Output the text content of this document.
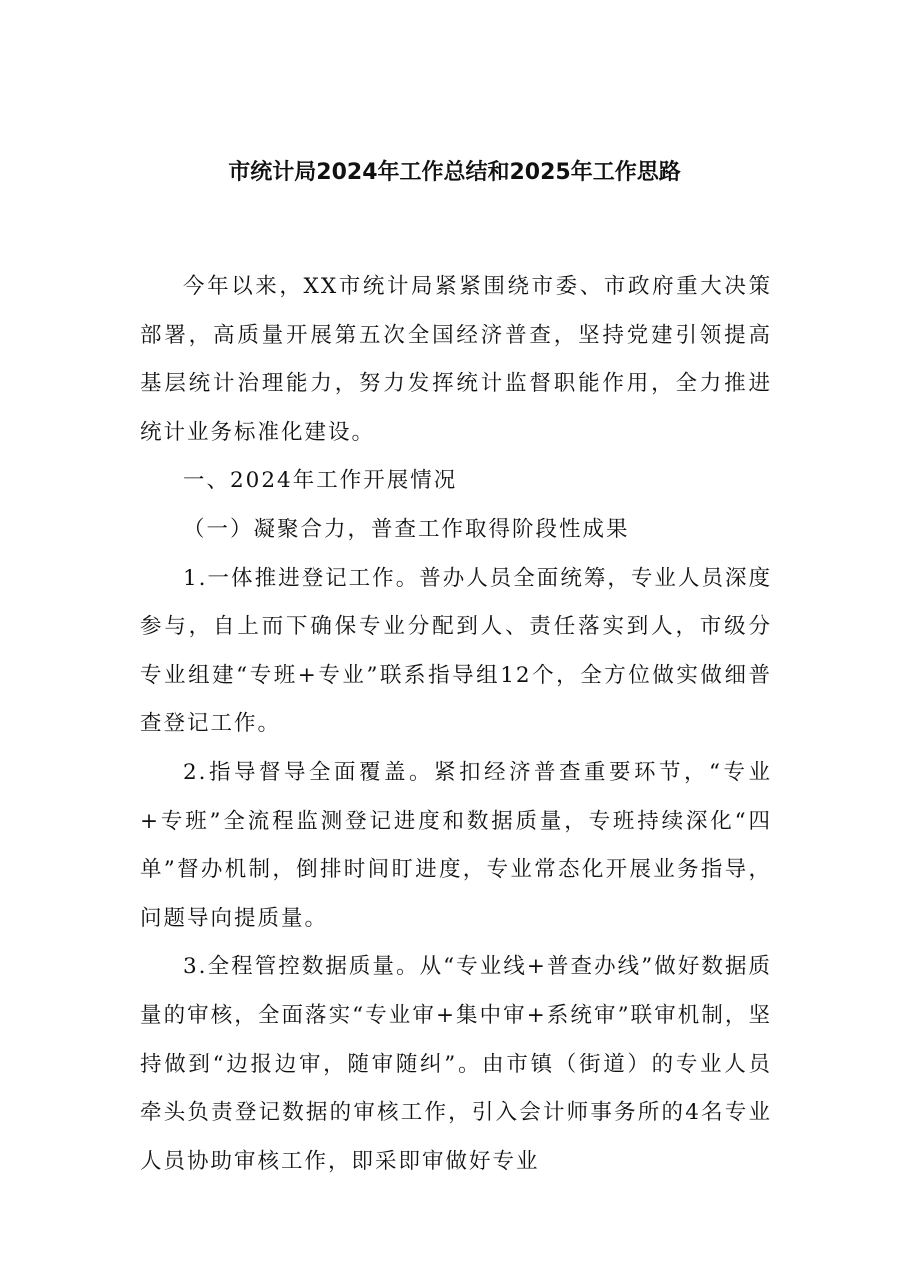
市统计局2024年工作总结和2025年工作思路

今年以来，XX市统计局紧紧围绕市委、市政府重大决策部署，高质量开展第五次全国经济普查，坚持党建引领提高基层统计治理能力，努力发挥统计监督职能作用，全力推进统计业务标准化建设。

一、2024年工作开展情况

（一）凝聚合力，普查工作取得阶段性成果

1.一体推进登记工作。普办人员全面统筹，专业人员深度参与，自上而下确保专业分配到人、责任落实到人，市级分专业组建“专班+专业”联系指导组12个，全方位做实做细普查登记工作。

2.指导督导全面覆盖。紧扣经济普查重要环节，“专业+专班”全流程监测登记进度和数据质量，专班持续深化“四单”督办机制，倒排时间盯进度，专业常态化开展业务指导，问题导向提质量。

3.全程管控数据质量。从“专业线+普查办线”做好数据质量的审核，全面落实“专业审+集中审+系统审”联审机制，坚持做到“边报边审，随审随纠”。由市镇（街道）的专业人员牵头负责登记数据的审核工作，引入会计师事务所的4名专业人员协助审核工作，即采即审做好专业
